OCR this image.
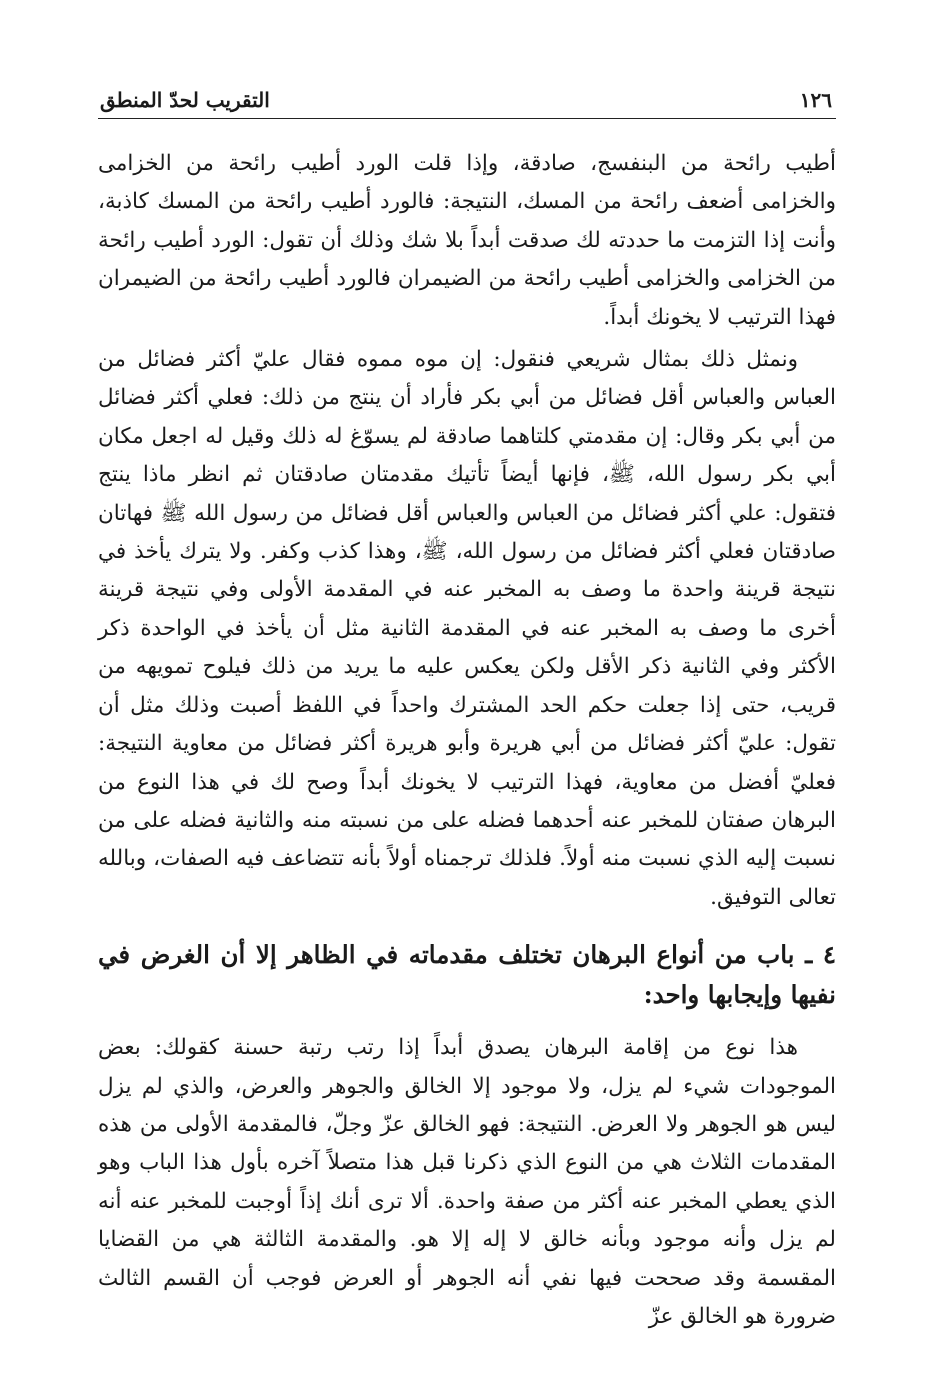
١٢٦
التقريب لحدّ المنطق

أطيب رائحة من البنفسج، صادقة، وإذا قلت الورد أطيب رائحة من الخزامى والخزامى أضعف رائحة من المسك، النتيجة: فالورد أطيب رائحة من المسك كاذبة، وأنت إذا التزمت ما حددته لك صدقت أبداً بلا شك وذلك أن تقول: الورد أطيب رائحة من الخزامى والخزامى أطيب رائحة من الضيمران فالورد أطيب رائحة من الضيمران فهذا الترتيب لا يخونك أبداً.

ونمثل ذلك بمثال شريعي فنقول: إن موه مموه فقال عليّ أكثر فضائل من العباس والعباس أقل فضائل من أبي بكر فأراد أن ينتج من ذلك: فعلي أكثر فضائل من أبي بكر وقال: إن مقدمتي كلتاهما صادقة لم يسوّغ له ذلك وقيل له اجعل مكان أبي بكر رسول الله، ﷺ، فإنها أيضاً تأتيك مقدمتان صادقتان ثم انظر ماذا ينتج فتقول: علي أكثر فضائل من العباس والعباس أقل فضائل من رسول الله ﷺ فهاتان صادقتان فعلي أكثر فضائل من رسول الله، ﷺ، وهذا كذب وكفر. ولا يترك يأخذ في نتيجة قرينة واحدة ما وصف به المخبر عنه في المقدمة الأولى وفي نتيجة قرينة أخرى ما وصف به المخبر عنه في المقدمة الثانية مثل أن يأخذ في الواحدة ذكر الأكثر وفي الثانية ذكر الأقل ولكن يعكس عليه ما يريد من ذلك فيلوح تمويهه من قريب، حتى إذا جعلت حكم الحد المشترك واحداً في اللفظ أصبت وذلك مثل أن تقول: عليّ أكثر فضائل من أبي هريرة وأبو هريرة أكثر فضائل من معاوية النتيجة: فعليّ أفضل من معاوية، فهذا الترتيب لا يخونك أبداً وصح لك في هذا النوع من البرهان صفتان للمخبر عنه أحدهما فضله على من نسبته منه والثانية فضله على من نسبت إليه الذي نسبت منه أولاً. فلذلك ترجمناه أولاً بأنه تتضاعف فيه الصفات، وبالله تعالى التوفيق.

٤ ـ باب من أنواع البرهان تختلف مقدماته في الظاهر إلا أن الغرض في نفيها وإيجابها واحد:

هذا نوع من إقامة البرهان يصدق أبداً إذا رتب رتبة حسنة كقولك: بعض الموجودات شيء لم يزل، ولا موجود إلا الخالق والجوهر والعرض، والذي لم يزل ليس هو الجوهر ولا العرض. النتيجة: فهو الخالق عزّ وجلّ، فالمقدمة الأولى من هذه المقدمات الثلاث هي من النوع الذي ذكرنا قبل هذا متصلاً آخره بأول هذا الباب وهو الذي يعطي المخبر عنه أكثر من صفة واحدة. ألا ترى أنك إذاً أوجبت للمخبر عنه أنه لم يزل وأنه موجود وبأنه خالق لا إله إلا هو. والمقدمة الثالثة هي من القضايا المقسمة وقد صححت فيها نفي أنه الجوهر أو العرض فوجب أن القسم الثالث ضرورة هو الخالق عزّ
